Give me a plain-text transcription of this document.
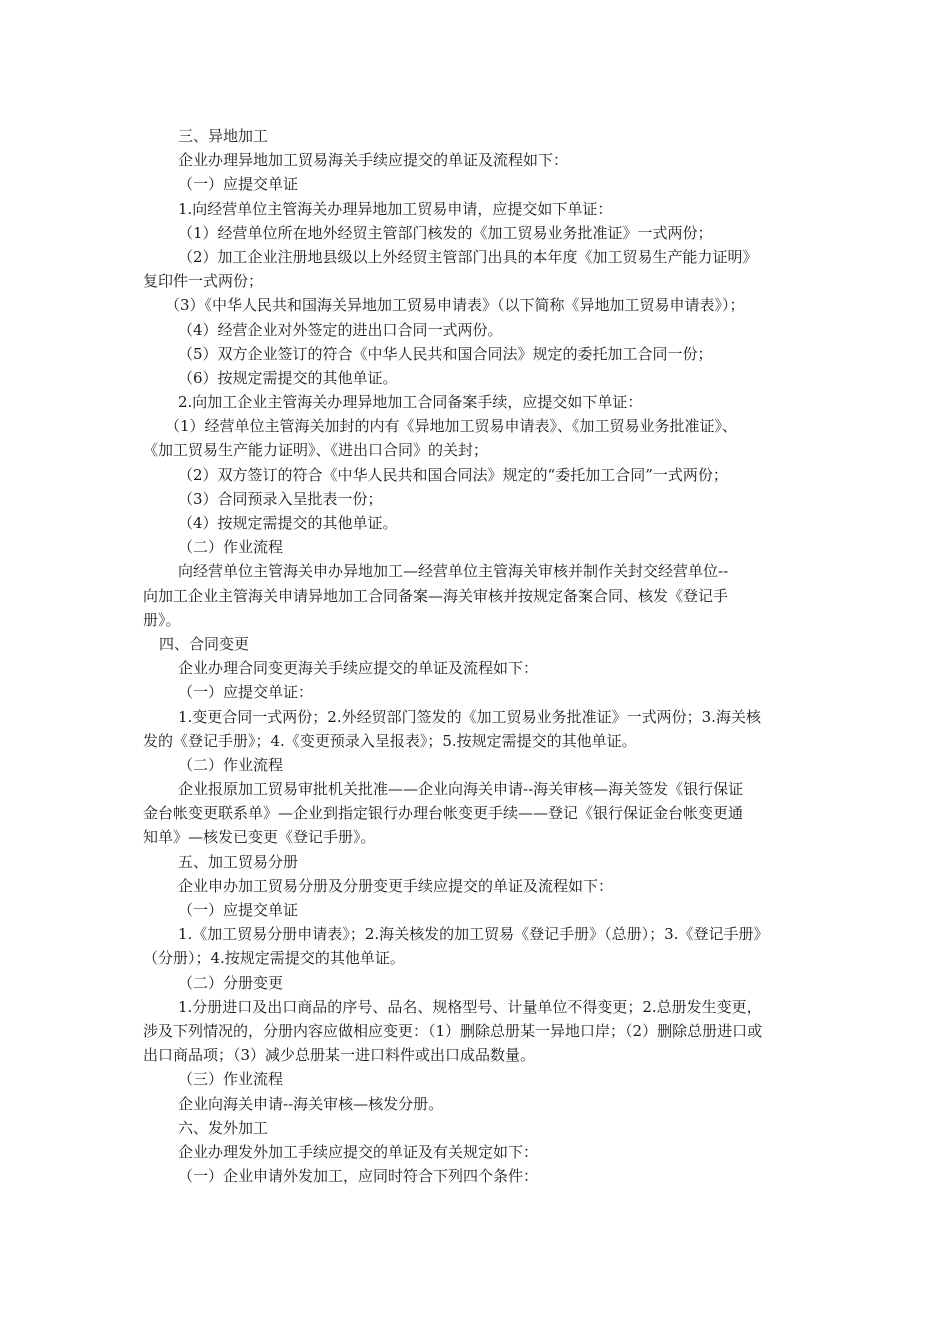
三、异地加工
企业办理异地加工贸易海关手续应提交的单证及流程如下：
（一）应提交单证
1.向经营单位主管海关办理异地加工贸易申请，应提交如下单证：
（1）经营单位所在地外经贸主管部门核发的《加工贸易业务批准证》一式两份；
（2）加工企业注册地县级以上外经贸主管部门出具的本年度《加工贸易生产能力证明》
复印件一式两份；
（3）《中华人民共和国海关异地加工贸易申请表》（以下简称《异地加工贸易申请表》）；
（4）经营企业对外签定的进出口合同一式两份。
（5）双方企业签订的符合《中华人民共和国合同法》规定的委托加工合同一份；
（6）按规定需提交的其他单证。
2.向加工企业主管海关办理异地加工合同备案手续，应提交如下单证：
（1）经营单位主管海关加封的内有《异地加工贸易申请表》、《加工贸易业务批准证》、
《加工贸易生产能力证明》、《进出口合同》的关封；
（2）双方签订的符合《中华人民共和国合同法》规定的“委托加工合同”一式两份；
（3）合同预录入呈批表一份；
（4）按规定需提交的其他单证。
（二）作业流程
向经营单位主管海关申办异地加工—经营单位主管海关审核并制作关封交经营单位--
向加工企业主管海关申请异地加工合同备案—海关审核并按规定备案合同、核发《登记手
册》。
四、合同变更
企业办理合同变更海关手续应提交的单证及流程如下：
（一）应提交单证：
1.变更合同一式两份；2.外经贸部门签发的《加工贸易业务批准证》一式两份；3.海关核
发的《登记手册》；4.《变更预录入呈报表》；5.按规定需提交的其他单证。
（二）作业流程
企业报原加工贸易审批机关批准——企业向海关申请--海关审核—海关签发《银行保证
金台帐变更联系单》—企业到指定银行办理台帐变更手续——登记《银行保证金台帐变更通
知单》—核发已变更《登记手册》。
五、加工贸易分册
企业申办加工贸易分册及分册变更手续应提交的单证及流程如下：
（一）应提交单证
1.《加工贸易分册申请表》；2.海关核发的加工贸易《登记手册》（总册）；3.《登记手册》
（分册）；4.按规定需提交的其他单证。
（二）分册变更
1.分册进口及出口商品的序号、品名、规格型号、计量单位不得变更；2.总册发生变更，
涉及下列情况的，分册内容应做相应变更：（1）删除总册某一异地口岸；（2）删除总册进口或
出口商品项；（3）减少总册某一进口料件或出口成品数量。
（三）作业流程
企业向海关申请--海关审核—核发分册。
六、发外加工
企业办理发外加工手续应提交的单证及有关规定如下：
（一）企业申请外发加工，应同时符合下列四个条件：
